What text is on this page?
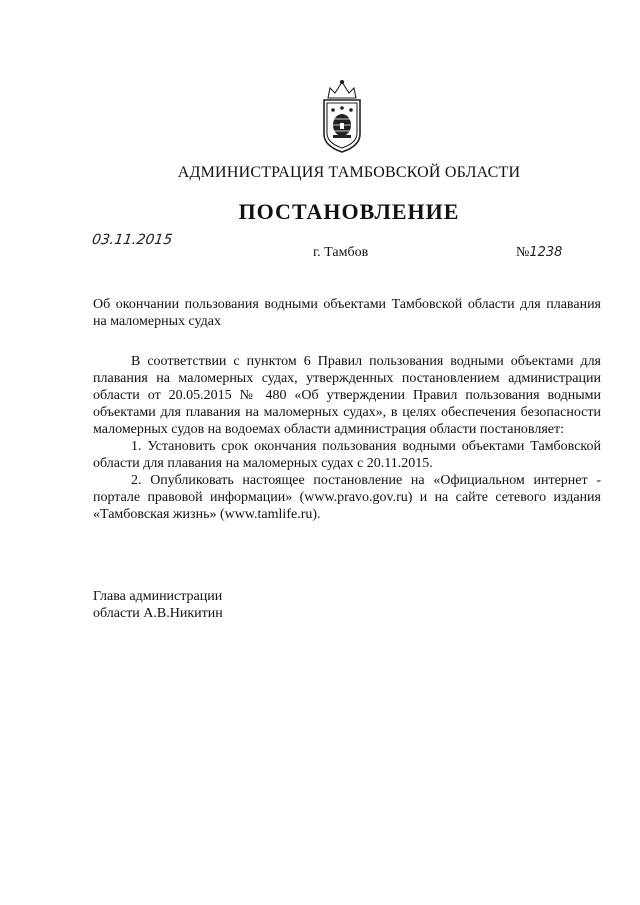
АДМИНИСТРАЦИЯ ТАМБОВСКОЙ ОБЛАСТИ
ПОСТАНОВЛЕНИЕ
03.11.2015
г. Тамбов	№1238
Об окончании пользования водными объектами Тамбовской области для плавания на маломерных судах

В соответствии с пунктом 6 Правил пользования водными объектами для плавания на маломерных судах, утвержденных постановлением администрации области от 20.05.2015 № 480 «Об утверждении Правил пользования водными объектами для плавания на маломерных судах», в целях обеспечения безопасности маломерных судов на водоемах области администрация области постановляет:

1. Установить срок окончания пользования водными объектами Тамбовской области для плавания на маломерных судах с 20.11.2015.

2. Опубликовать настоящее постановление на «Официальном интернет - портале правовой информации» (www.pravo.gov.ru) и на сайте сетевого издания «Тамбовская жизнь» (www.tamlife.ru).

Глава администрации
области А.В.Никитин
